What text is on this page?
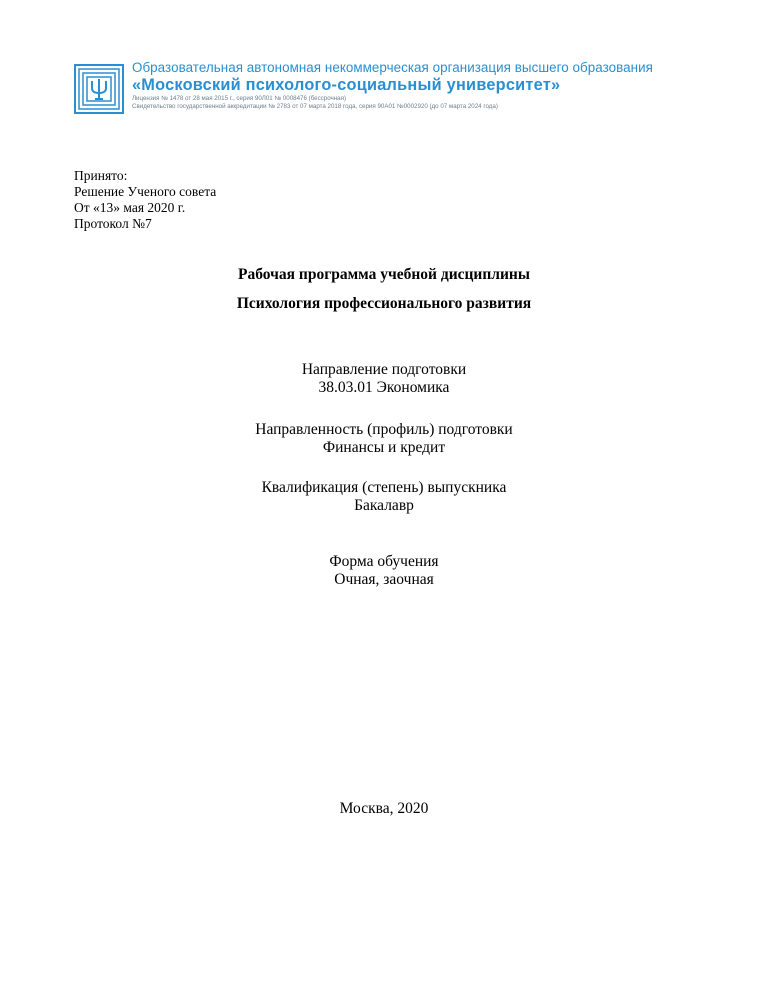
Образовательная автономная некоммерческая организация высшего образования
«Московский психолого-социальный университет»
Лицензия № 1478 от 28 мая 2015 г., серия 90Л01 № 0008476 (бессрочная)
Свидетельство государственной аккредитации № 2783 от 07 марта 2018 года, серия 90А01 №0002920 (до 07 марта 2024 года)
Принято:
Решение Ученого совета
От «13» мая 2020 г.
Протокол №7
Рабочая программа учебной дисциплины
Психология профессионального развития
Направление подготовки
38.03.01 Экономика
Направленность (профиль) подготовки
Финансы и кредит
Квалификация (степень) выпускника
Бакалавр
Форма обучения
Очная, заочная
Москва, 2020
